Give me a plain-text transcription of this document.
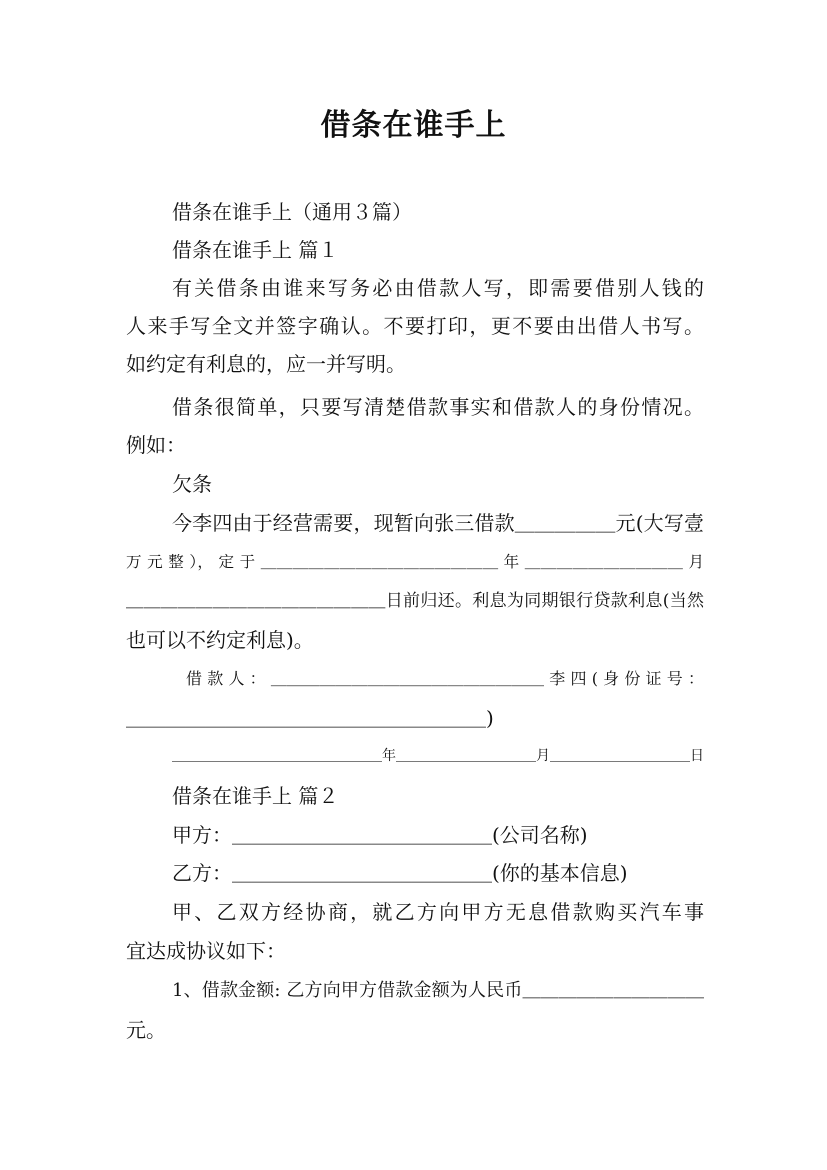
借条在谁手上
借条在谁手上（通用３篇）
借条在谁手上 篇１
有关借条由谁来写务必由借款人写，即需要借别人钱的
人来手写全文并签字确认。不要打印，更不要由出借人书写。
如约定有利息的，应一并写明。
借条很简单，只要写清楚借款事实和借款人的身份情况。
例如：
欠条
今李四由于经营需要，现暂向张三借款＿＿＿＿＿元(大写壹
万 元 整 ）， 定 于 ＿＿＿＿＿＿＿＿＿＿＿＿＿＿＿ 年 ＿＿＿＿＿＿＿＿＿＿ 月
＿＿＿＿＿＿＿＿＿＿＿＿＿＿＿日前归还。利息为同期银行贷款利息(当然
也可以不约定利息)。
借 款 人 ： ＿＿＿＿＿＿＿＿＿＿＿＿＿＿＿＿＿ 李 四 ( 身 份 证 号 ：
＿＿＿＿＿＿＿＿＿＿＿＿＿＿＿＿＿＿)
＿＿＿＿＿＿＿＿＿＿＿＿＿＿＿年＿＿＿＿＿＿＿＿＿＿月＿＿＿＿＿＿＿＿＿＿日
借条在谁手上 篇２
甲方：＿＿＿＿＿＿＿＿＿＿＿＿＿(公司名称)
乙方：＿＿＿＿＿＿＿＿＿＿＿＿＿(你的基本信息)
甲、乙双方经协商，就乙方向甲方无息借款购买汽车事
宜达成协议如下：
1、借款金额: 乙方向甲方借款金额为人民币＿＿＿＿＿＿＿＿＿＿
元。
